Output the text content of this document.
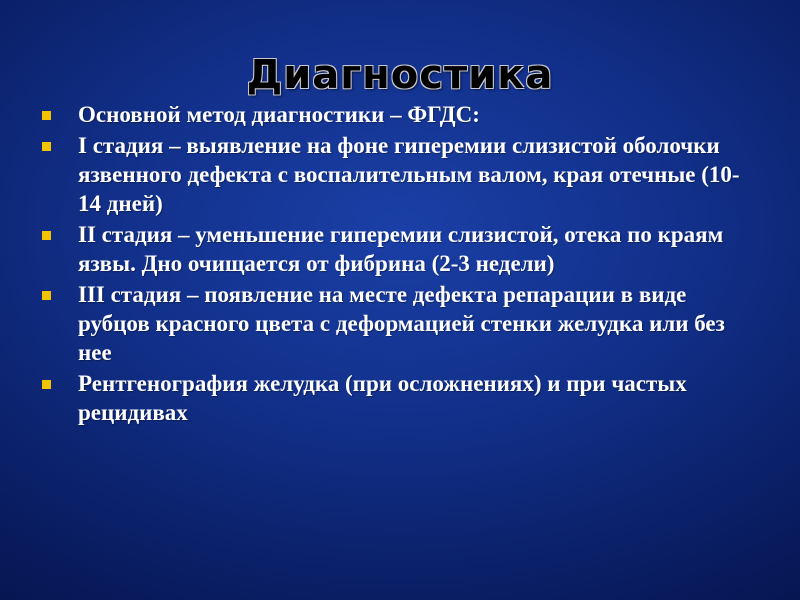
Диагностика
Основной метод диагностики – ФГДС:
I стадия – выявление на фоне гиперемии слизистой оболочки язвенного дефекта с воспалительным валом, края отечные (10-14 дней)
II стадия – уменьшение гиперемии слизистой, отека по краям язвы. Дно очищается от фибрина (2-3 недели)
III стадия – появление на месте дефекта репарации в виде рубцов красного цвета с деформацией стенки желудка или без нее
Рентгенография желудка (при осложнениях) и при частых рецидивах
